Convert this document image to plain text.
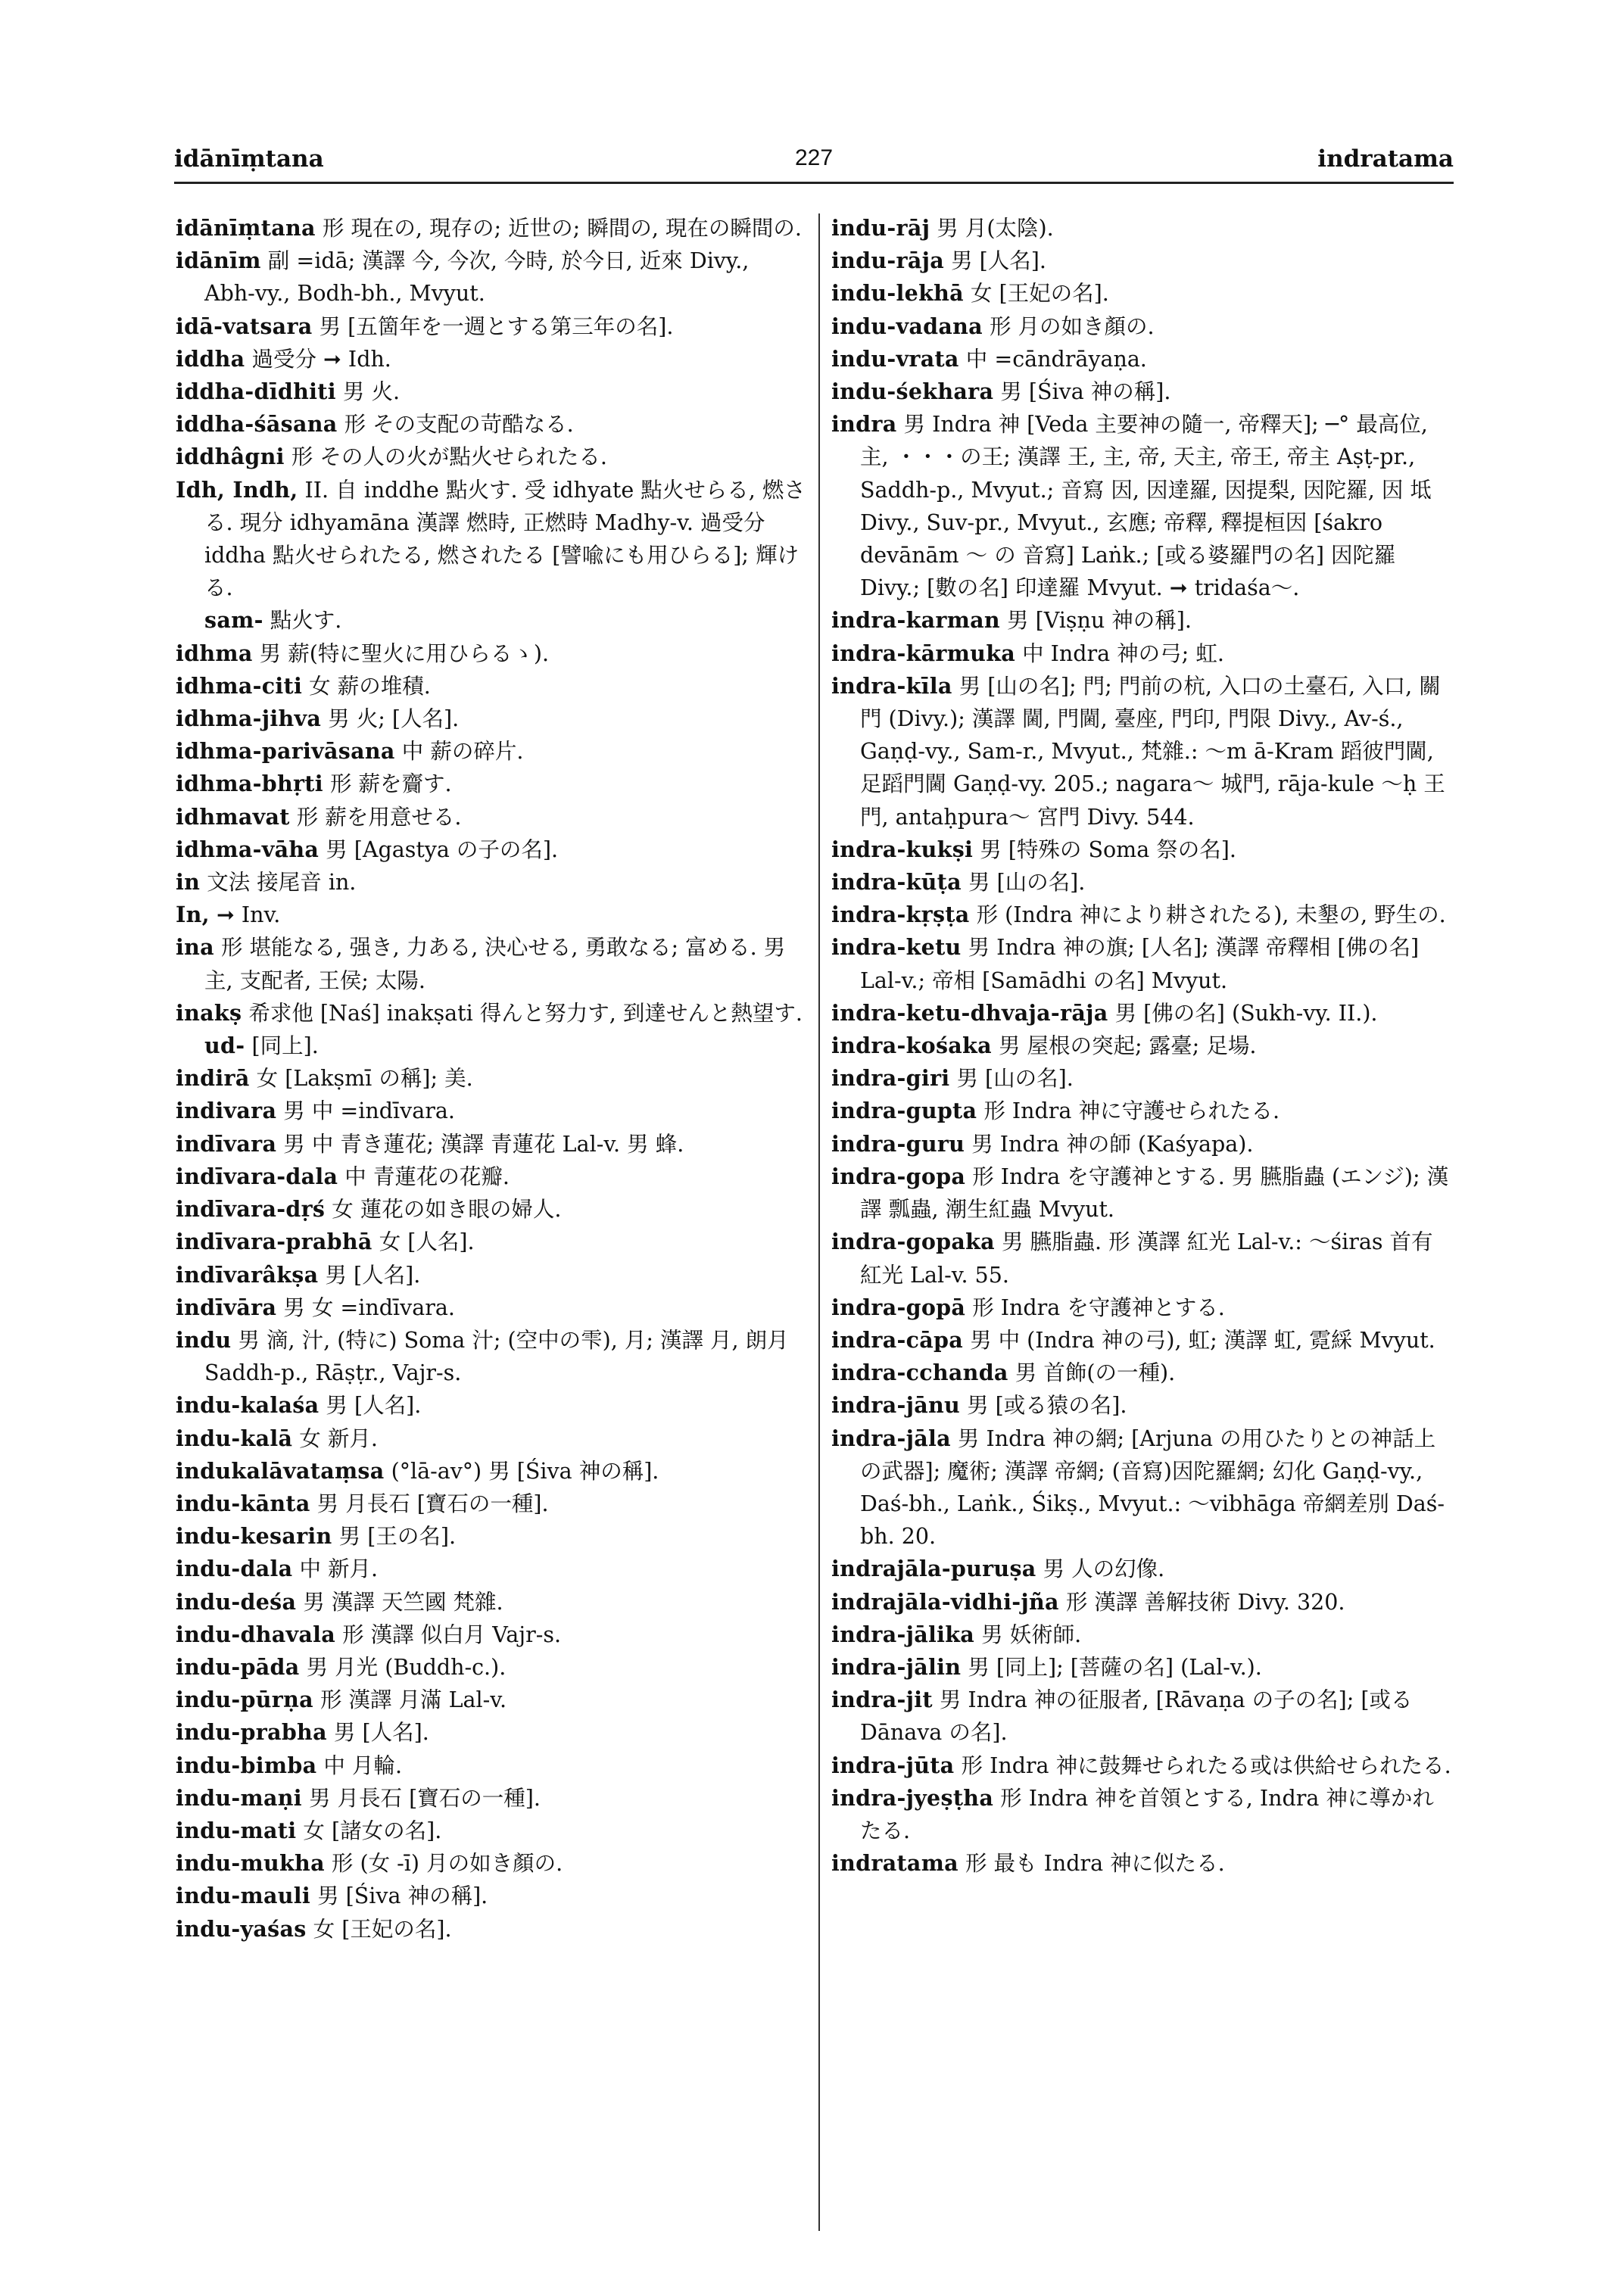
idānīṃtana	227	indratama

idānīṃtana 形 現在の, 現存の; 近世の; 瞬間の, 現在の瞬間の.

idānīm 副 =idā; 漢譯 今, 今次, 今時, 於今日, 近來 Divy., Abh-vy., Bodh-bh., Mvyut.

idā-vatsara 男 [五箇年を一週とする第三年の名].

iddha 過受分 ➞ Idh.

iddha-dīdhiti 男 火.

iddha-śāsana 形 その支配の苛酷なる.

iddhâgni 形 その人の火が點火せられたる.

Idh, Indh, II. 自 inddhe 點火す. 受 idhyate 點火せらる, 燃さる. 現分 idhyamāna 漢譯 燃時, 正燃時 Madhy-v. 過受分 iddha 點火せられたる, 燃されたる [譬喩にも用ひらる]; 輝ける.

sam- 點火す.

idhma 男 薪(特に聖火に用ひらるゝ).

idhma-citi 女 薪の堆積.

idhma-jihva 男 火; [人名].

idhma-parivāsana 中 薪の碎片.

idhma-bhṛti 形 薪を齎す.

idhmavat 形 薪を用意せる.

idhma-vāha 男 [Agastya の子の名].

in 文法 接尾音 in.

In, ➞ Inv.

ina 形 堪能なる, 强き, 力ある, 決心せる, 勇敢なる; 富める. 男 主, 支配者, 王侯; 太陽.

inakṣ 希求他 [Naś] inakṣati 得んと努力す, 到達せんと熱望す.

ud- [同上].

indirā 女 [Lakṣmī の稱]; 美.

indivara 男 中 =indīvara.

indīvara 男 中 青き蓮花; 漢譯 青蓮花 Lal-v. 男 蜂.

indīvara-dala 中 青蓮花の花瓣.

indīvara-dṛś 女 蓮花の如き眼の婦人.

indīvara-prabhā 女 [人名].

indīvarâkṣa 男 [人名].

indīvāra 男 女 =indīvara.

indu 男 滴, 汁, (特に) Soma 汁; (空中の雫), 月; 漢譯 月, 朗月 Saddh-p., Rāṣṭr., Vajr-s.

indu-kalaśa 男 [人名].

indu-kalā 女 新月.

indukalāvataṃsa (°lā-av°) 男 [Śiva 神の稱].

indu-kānta 男 月長石 [寶石の一種].

indu-kesarin 男 [王の名].

indu-dala 中 新月.

indu-deśa 男 漢譯 天竺國 梵雜.

indu-dhavala 形 漢譯 似白月 Vajr-s.

indu-pāda 男 月光 (Buddh-c.).

indu-pūrṇa 形 漢譯 月滿 Lal-v.

indu-prabha 男 [人名].

indu-bimba 中 月輪.

indu-maṇi 男 月長石 [寶石の一種].

indu-mati 女 [諸女の名].

indu-mukha 形 (女 -ī) 月の如き顏の.

indu-mauli 男 [Śiva 神の稱].

indu-yaśas 女 [王妃の名].

indu-rāj 男 月(太陰).

indu-rāja 男 [人名].

indu-lekhā 女 [王妃の名].

indu-vadana 形 月の如き顏の.

indu-vrata 中 =cāndrāyaṇa.

indu-śekhara 男 [Śiva 神の稱].

indra 男 Indra 神 [Veda 主要神の隨一, 帝釋天]; ─° 最高位, 主, ・・・の王; 漢譯 王, 主, 帝, 天主, 帝王, 帝主 Aṣṭ-pr., Saddh-p., Mvyut.; 音寫 因, 因達羅, 因提梨, 因陀羅, 因 坻 Divy., Suv-pr., Mvyut., 玄應; 帝釋, 釋提桓因 [śakro devānām ～ の 音寫] Laṅk.; [或る婆羅門の名] 因陀羅 Divy.; [數の名] 印達羅 Mvyut. ➞ tridaśa～.

indra-karman 男 [Viṣṇu 神の稱].

indra-kārmuka 中 Indra 神の弓; 虹.

indra-kīla 男 [山の名]; 門; 門前の杭, 入口の土臺石, 入口, 關門 (Divy.); 漢譯 閫, 門閫, 臺座, 門印, 門限 Divy., Av-ś., Gaṇḍ-vy., Sam-r., Mvyut., 梵雜.: ～m ā-Kram 蹈彼門閫, 足蹈門閫 Gaṇḍ-vy. 205.; nagara～ 城門, rāja-kule ～ḥ 王門, antaḥpura～ 宮門 Divy. 544.

indra-kukṣi 男 [特殊の Soma 祭の名].

indra-kūṭa 男 [山の名].

indra-kṛṣṭa 形 (Indra 神により耕されたる), 未墾の, 野生の.

indra-ketu 男 Indra 神の旗; [人名]; 漢譯 帝釋相 [佛の名] Lal-v.; 帝相 [Samādhi の名] Mvyut.

indra-ketu-dhvaja-rāja 男 [佛の名] (Sukh-vy. II.).

indra-kośaka 男 屋根の突起; 露臺; 足場.

indra-giri 男 [山の名].

indra-gupta 形 Indra 神に守護せられたる.

indra-guru 男 Indra 神の師 (Kaśyapa).

indra-gopa 形 Indra を守護神とする. 男 臙脂蟲 (エンジ); 漢譯 瓢蟲, 潮生紅蟲 Mvyut.

indra-gopaka 男 臙脂蟲. 形 漢譯 紅光 Lal-v.: ～śiras 首有紅光 Lal-v. 55.

indra-gopā 形 Indra を守護神とする.

indra-cāpa 男 中 (Indra 神の弓), 虹; 漢譯 虹, 霓綵 Mvyut.

indra-cchanda 男 首飾(の一種).

indra-jānu 男 [或る猿の名].

indra-jāla 男 Indra 神の網; [Arjuna の用ひたりとの神話上の武器]; 魔術; 漢譯 帝網; (音寫)因陀羅網; 幻化 Gaṇḍ-vy., Daś-bh., Laṅk., Śikṣ., Mvyut.: ～vibhāga 帝網差別 Daś-bh. 20.

indrajāla-puruṣa 男 人の幻像.

indrajāla-vidhi-jña 形 漢譯 善解技術 Divy. 320.

indra-jālika 男 妖術師.

indra-jālin 男 [同上]; [菩薩の名] (Lal-v.).

indra-jit 男 Indra 神の征服者, [Rāvaṇa の子の名]; [或る Dānava の名].

indra-jūta 形 Indra 神に鼓舞せられたる或は供給せられたる.

indra-jyeṣṭha 形 Indra 神を首領とする, Indra 神に導かれたる.

indratama 形 最も Indra 神に似たる.
